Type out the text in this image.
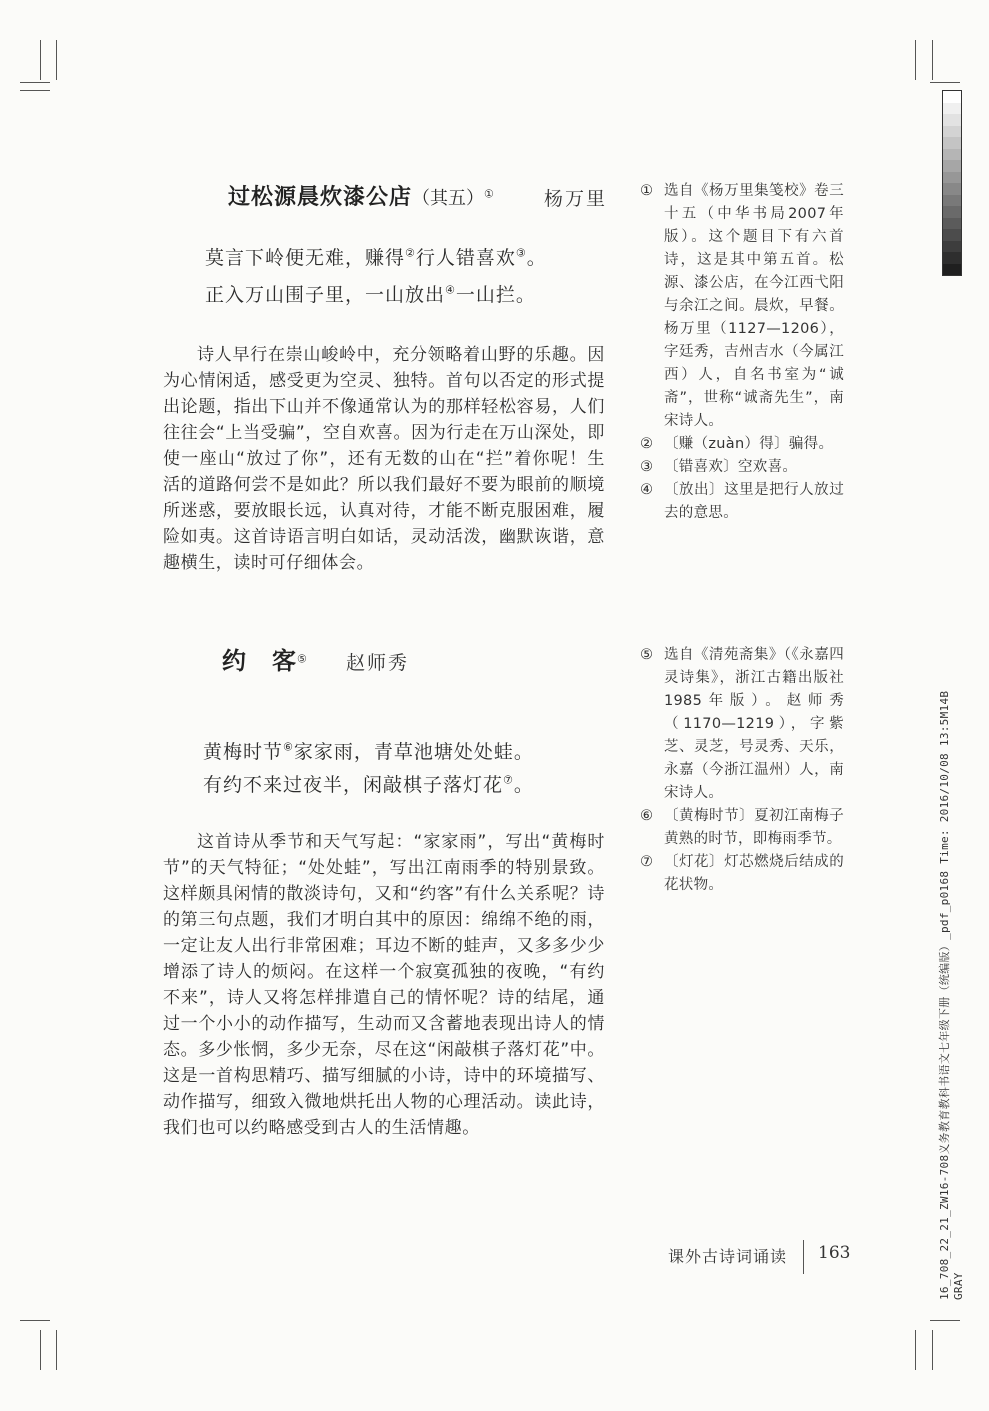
过松源晨炊漆公店（其五）①	杨万里
莫言下岭便无难，赚得②行人错喜欢③。
正入万山围子里，一山放出④一山拦。
诗人早行在崇山峻岭中，充分领略着山野的乐趣。因为心情闲适，感受更为空灵、独特。首句以否定的形式提出论题，指出下山并不像通常认为的那样轻松容易，人们往往会“上当受骗”，空自欢喜。因为行走在万山深处，即使一座山“放过了你”，还有无数的山在“拦”着你呢！生活的道路何尝不是如此？所以我们最好不要为眼前的顺境所迷惑，要放眼长远，认真对待，才能不断克服困难，履险如夷。这首诗语言明白如话，灵动活泼，幽默诙谐，意趣横生，读时可仔细体会。
① 选自《杨万里集笺校》卷三十五（中华书局2007年版）。这个题目下有六首诗，这是其中第五首。松源、漆公店，在今江西弋阳与余江之间。晨炊，早餐。杨万里（1127—1206），字廷秀，吉州吉水（今属江西）人，自名书室为“诚斋”，世称“诚斋先生”，南宋诗人。
② 〔赚（zuàn）得〕骗得。
③ 〔错喜欢〕空欢喜。
④ 〔放出〕这里是把行人放过去的意思。
约　客⑤ 赵师秀
黄梅时节⑥家家雨，青草池塘处处蛙。
有约不来过夜半，闲敲棋子落灯花⑦。
这首诗从季节和天气写起：“家家雨”，写出“黄梅时节”的天气特征；“处处蛙”，写出江南雨季的特别景致。这样颇具闲情的散淡诗句，又和“约客”有什么关系呢？诗的第三句点题，我们才明白其中的原因：绵绵不绝的雨，一定让友人出行非常困难；耳边不断的蛙声，又多多少少增添了诗人的烦闷。在这样一个寂寞孤独的夜晚，“有约不来”，诗人又将怎样排遣自己的情怀呢？诗的结尾，通过一个小小的动作描写，生动而又含蓄地表现出诗人的情态。多少怅惘，多少无奈，尽在这“闲敲棋子落灯花”中。这是一首构思精巧、描写细腻的小诗，诗中的环境描写、动作描写，细致入微地烘托出人物的心理活动。读此诗，我们也可以约略感受到古人的生活情趣。
⑤ 选自《清苑斋集》（《永嘉四灵诗集》，浙江古籍出版社1985年版）。赵师秀（1170—1219），字紫芝、灵芝，号灵秀、天乐，永嘉（今浙江温州）人，南宋诗人。
⑥ 〔黄梅时节〕夏初江南梅子黄熟的时节，即梅雨季节。
⑦ 〔灯花〕灯芯燃烧后结成的花状物。
课外古诗词诵读 163	16_708_22_21_ZW16-708义务教育教科书语文七年级下册（统编版）_pdf_p0168 Time: 2016/10/08 13:5M14B GRAY
